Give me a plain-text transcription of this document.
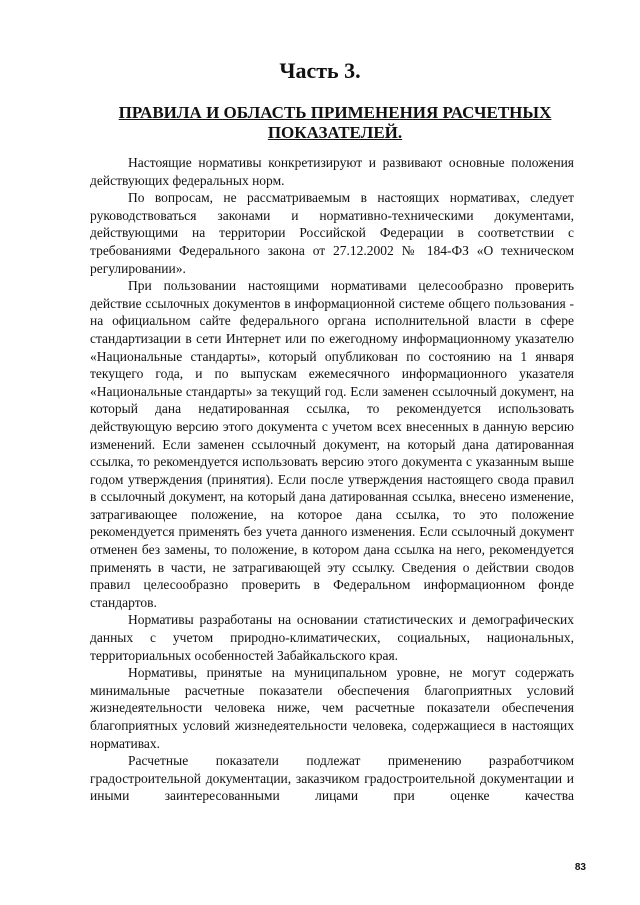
Часть 3.
ПРАВИЛА И ОБЛАСТЬ ПРИМЕНЕНИЯ РАСЧЕТНЫХ ПОКАЗАТЕЛЕЙ.

Настоящие нормативы конкретизируют и развивают основные положения действующих федеральных норм.

По вопросам, не рассматриваемым в настоящих нормативах, следует руководствоваться законами и нормативно-техническими документами, действующими на территории Российской Федерации в соответствии с требованиями Федерального закона от 27.12.2002 № 184-ФЗ «О техническом регулировании».

При пользовании настоящими нормативами целесообразно проверить действие ссылочных документов в информационной системе общего пользования - на официальном сайте федерального органа исполнительной власти в сфере стандартизации в сети Интернет или по ежегодному информационному указателю «Национальные стандарты», который опубликован по состоянию на 1 января текущего года, и по выпускам ежемесячного информационного указателя «Национальные стандарты» за текущий год. Если заменен ссылочный документ, на который дана недатированная ссылка, то рекомендуется использовать действующую версию этого документа с учетом всех внесенных в данную версию изменений. Если заменен ссылочный документ, на который дана датированная ссылка, то рекомендуется использовать версию этого документа с указанным выше годом утверждения (принятия). Если после утверждения настоящего свода правил в ссылочный документ, на который дана датированная ссылка, внесено изменение, затрагивающее положение, на которое дана ссылка, то это положение рекомендуется применять без учета данного изменения. Если ссылочный документ отменен без замены, то положение, в котором дана ссылка на него, рекомендуется применять в части, не затрагивающей эту ссылку. Сведения о действии сводов правил целесообразно проверить в Федеральном информационном фонде стандартов.

Нормативы разработаны на основании статистических и демографических данных с учетом природно-климатических, социальных, национальных, территориальных особенностей Забайкальского края.

Нормативы, принятые на муниципальном уровне, не могут содержать минимальные расчетные показатели обеспечения благоприятных условий жизнедеятельности человека ниже, чем расчетные показатели обеспечения благоприятных условий жизнедеятельности человека, содержащиеся в настоящих нормативах.

Расчетные показатели подлежат применению разработчиком градостроительной документации, заказчиком градостроительной документации и иными заинтересованными лицами при оценке качества

83
